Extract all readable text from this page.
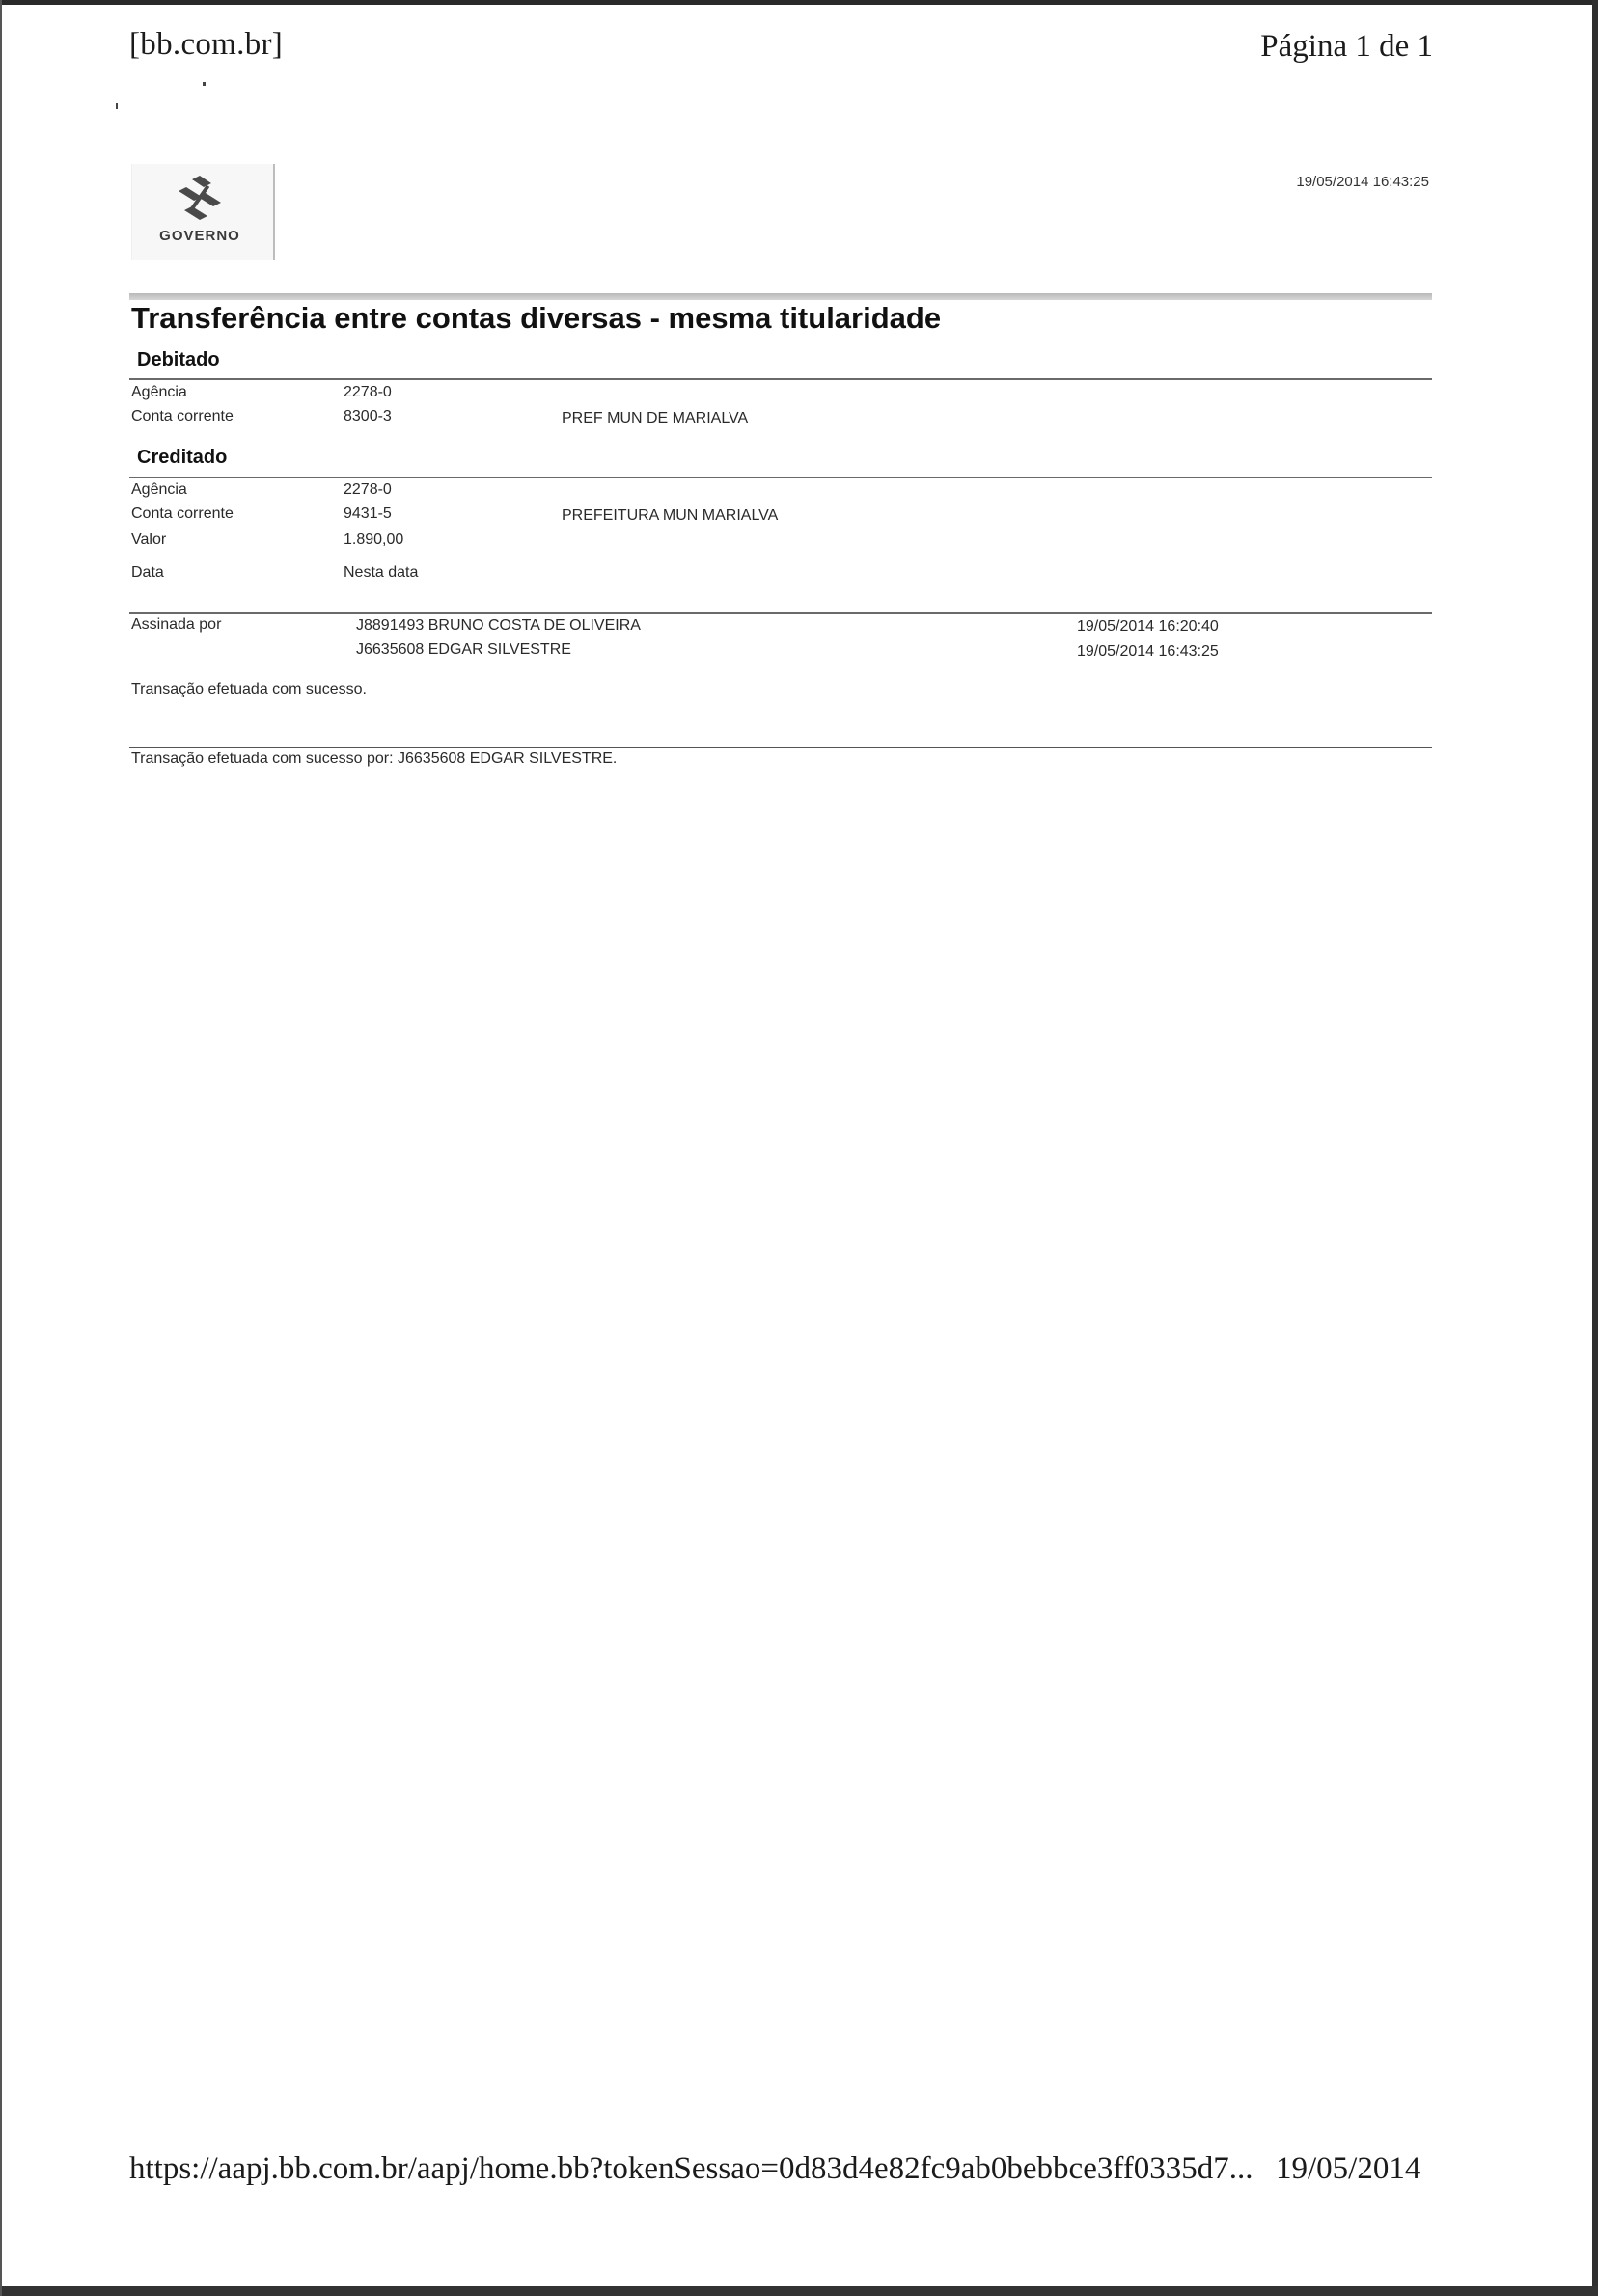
[bb.com.br]	Página 1 de 1
GOVERNO
19/05/2014 16:43:25
Transferência entre contas diversas - mesma titularidade
Debitado
Agência	2278-0
Conta corrente	8300-3	PREF MUN DE MARIALVA
Creditado
Agência	2278-0
Conta corrente	9431-5	PREFEITURA MUN MARIALVA
Valor	1.890,00
Data	Nesta data
Assinada por	J8891493 BRUNO COSTA DE OLIVEIRA	19/05/2014 16:20:40
J6635608 EDGAR SILVESTRE	19/05/2014 16:43:25
Transação efetuada com sucesso.
Transação efetuada com sucesso por: J6635608 EDGAR SILVESTRE.
https://aapj.bb.com.br/aapj/home.bb?tokenSessao=0d83d4e82fc9ab0bebbce3ff0335d7... 19/05/2014
